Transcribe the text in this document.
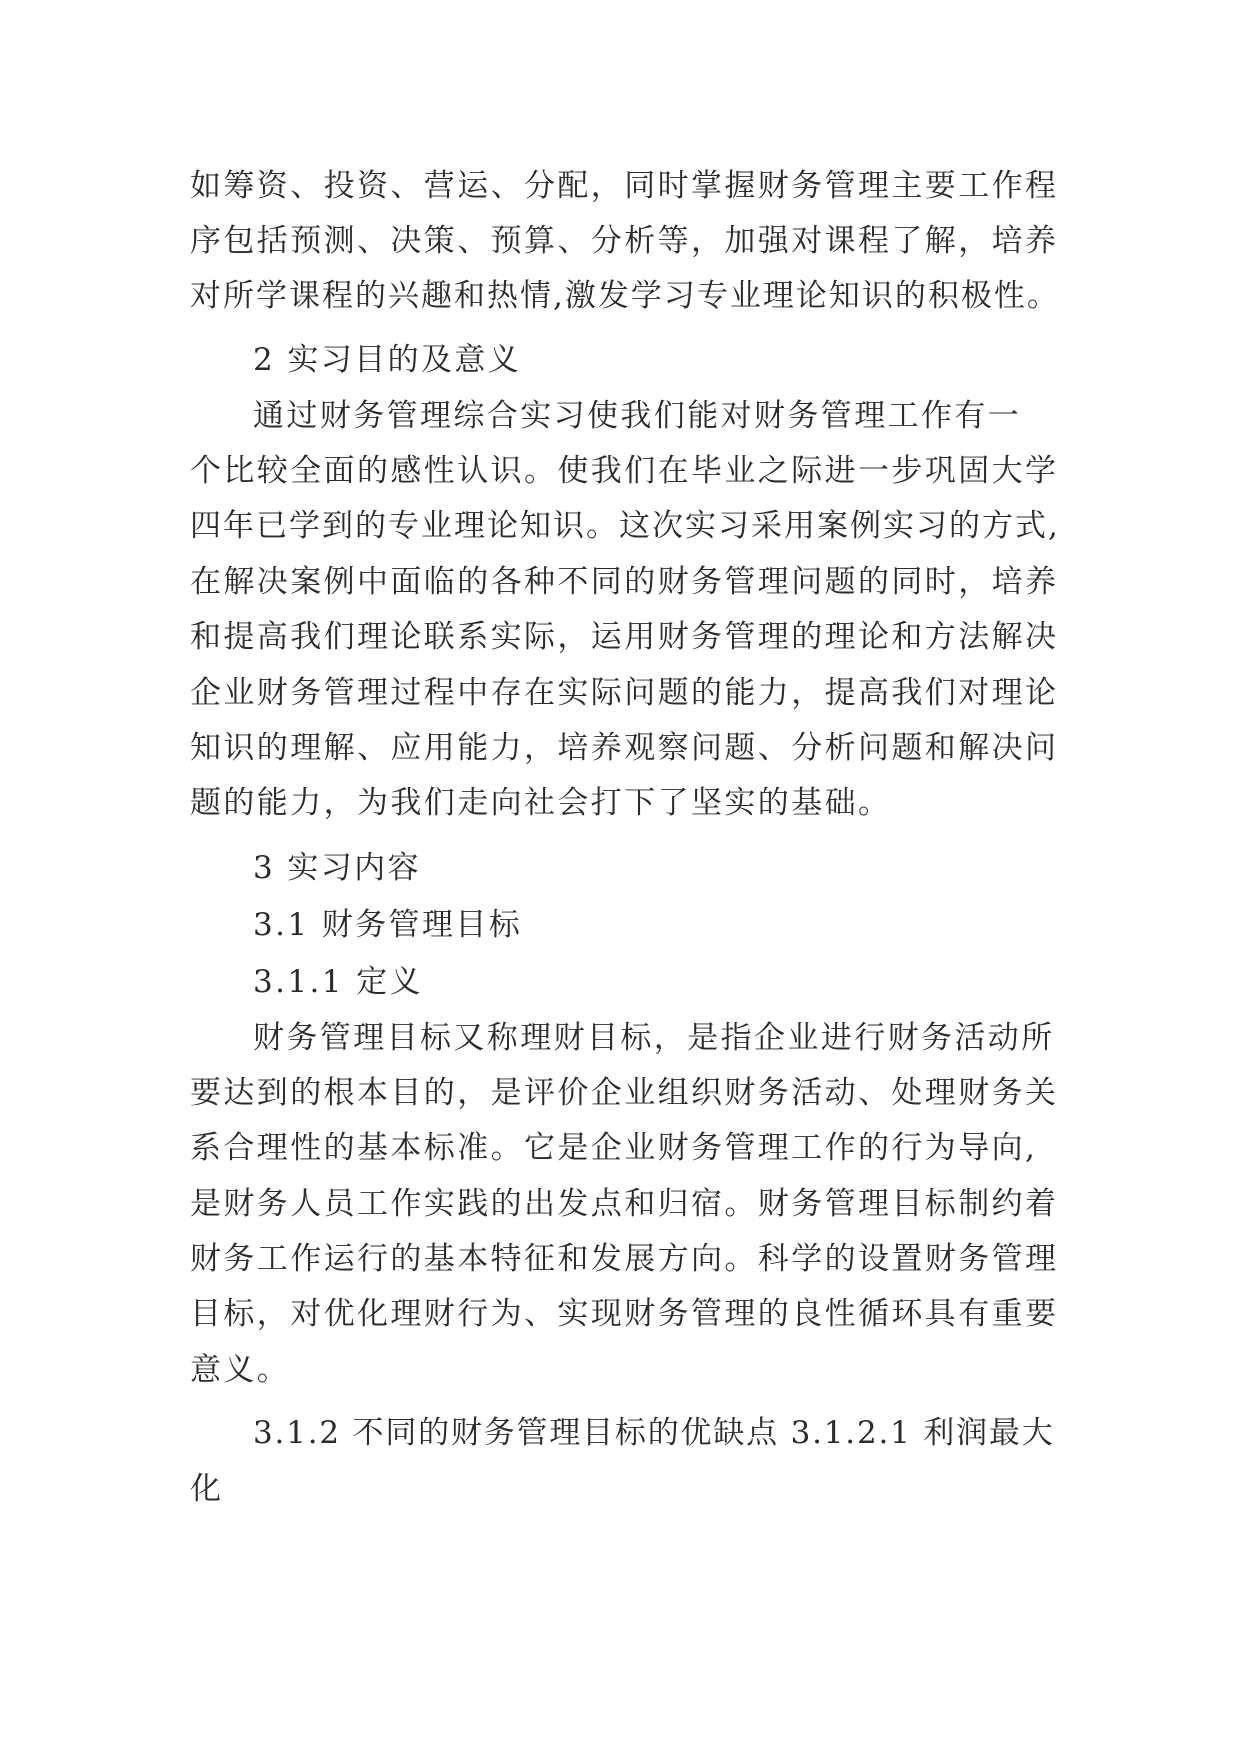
如筹资、投资、营运、分配，同时掌握财务管理主要工作程
序包括预测、决策、预算、分析等，加强对课程了解，培养
对所学课程的兴趣和热情,激发学习专业理论知识的积极性。
2 实习目的及意义
通过财务管理综合实习使我们能对财务管理工作有一
个比较全面的感性认识。使我们在毕业之际进一步巩固大学
四年已学到的专业理论知识。这次实习采用案例实习的方式,
在解决案例中面临的各种不同的财务管理问题的同时，培养
和提高我们理论联系实际，运用财务管理的理论和方法解决
企业财务管理过程中存在实际问题的能力，提高我们对理论
知识的理解、应用能力，培养观察问题、分析问题和解决问
题的能力，为我们走向社会打下了坚实的基础。
3 实习内容
3.1 财务管理目标
3.1.1 定义
财务管理目标又称理财目标，是指企业进行财务活动所
要达到的根本目的，是评价企业组织财务活动、处理财务关
系合理性的基本标准。它是企业财务管理工作的行为导向,
是财务人员工作实践的出发点和归宿。财务管理目标制约着
财务工作运行的基本特征和发展方向。科学的设置财务管理
目标，对优化理财行为、实现财务管理的良性循环具有重要
意义。
3.1.2 不同的财务管理目标的优缺点 3.1.2.1 利润最大
化
